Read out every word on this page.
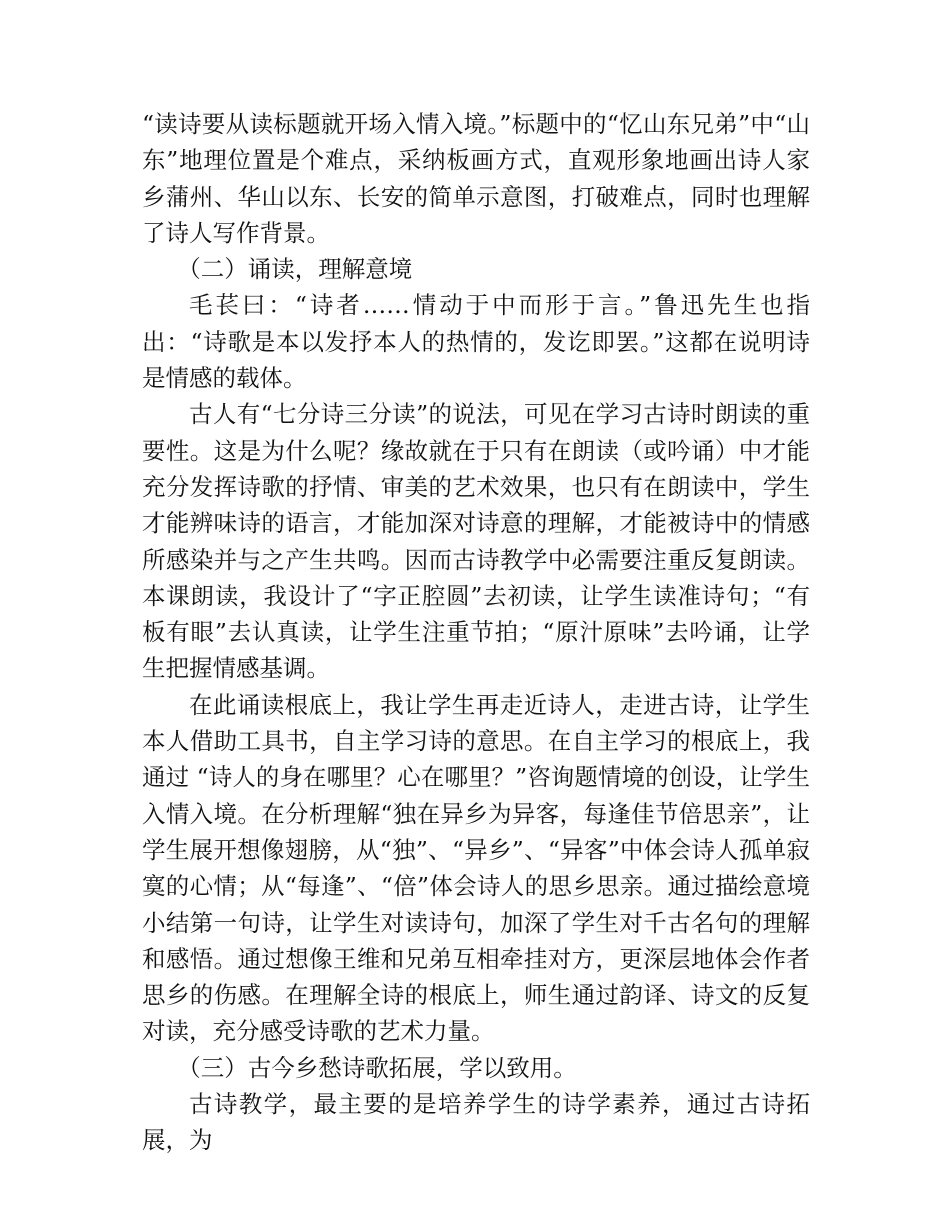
“读诗要从读标题就开场入情入境。”标题中的“忆山东兄弟”中“山东”地理位置是个难点，采纳板画方式，直观形象地画出诗人家乡蒲州、华山以东、长安的简单示意图，打破难点，同时也理解了诗人写作背景。

（二）诵读，理解意境

毛苌曰：“诗者……情动于中而形于言。”鲁迅先生也指出：“诗歌是本以发抒本人的热情的，发讫即罢。”这都在说明诗是情感的载体。

古人有“七分诗三分读”的说法，可见在学习古诗时朗读的重要性。这是为什么呢？缘故就在于只有在朗读（或吟诵）中才能充分发挥诗歌的抒情、审美的艺术效果，也只有在朗读中，学生才能辨味诗的语言，才能加深对诗意的理解，才能被诗中的情感所感染并与之产生共鸣。因而古诗教学中必需要注重反复朗读。本课朗读，我设计了“字正腔圆”去初读，让学生读准诗句；“有板有眼”去认真读，让学生注重节拍；“原汁原味”去吟诵，让学生把握情感基调。

在此诵读根底上，我让学生再走近诗人，走进古诗，让学生本人借助工具书，自主学习诗的意思。在自主学习的根底上，我通过 “诗人的身在哪里？心在哪里？”咨询题情境的创设，让学生入情入境。在分析理解“独在异乡为异客，每逢佳节倍思亲”，让学生展开想像翅膀，从“独”、“异乡”、“异客”中体会诗人孤单寂寞的心情；从“每逢”、“倍”体会诗人的思乡思亲。通过描绘意境小结第一句诗，让学生对读诗句，加深了学生对千古名句的理解和感悟。通过想像王维和兄弟互相牵挂对方，更深层地体会作者思乡的伤感。在理解全诗的根底上，师生通过韵译、诗文的反复对读，充分感受诗歌的艺术力量。

（三）古今乡愁诗歌拓展，学以致用。

古诗教学，最主要的是培养学生的诗学素养，通过古诗拓展，为
